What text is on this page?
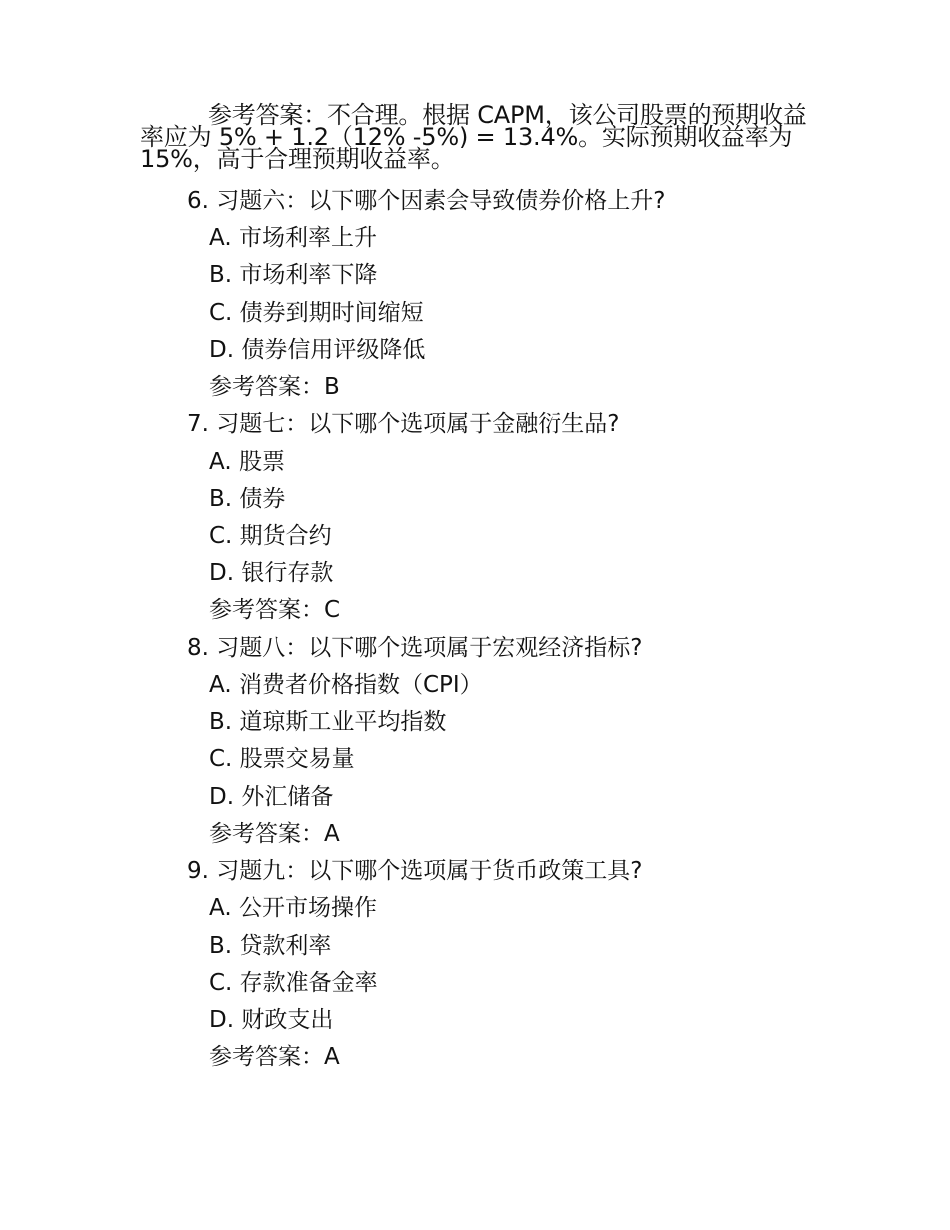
参考答案：不合理。根据 CAPM，该公司股票的预期收益率应为 5% + 1.2（12% -5%) = 13.4%。实际预期收益率为 15%，高于合理预期收益率。

6. 习题六：以下哪个因素会导致债券价格上升?

A. 市场利率上升

B. 市场利率下降

C. 债券到期时间缩短

D. 债券信用评级降低

参考答案：B

7. 习题七：以下哪个选项属于金融衍生品?

A. 股票

B. 债券

C. 期货合约

D. 银行存款

参考答案：C

8. 习题八：以下哪个选项属于宏观经济指标?

A. 消费者价格指数（CPI）

B. 道琼斯工业平均指数

C. 股票交易量

D. 外汇储备

参考答案：A

9. 习题九：以下哪个选项属于货币政策工具?

A. 公开市场操作

B. 贷款利率

C. 存款准备金率

D. 财政支出

参考答案：A
